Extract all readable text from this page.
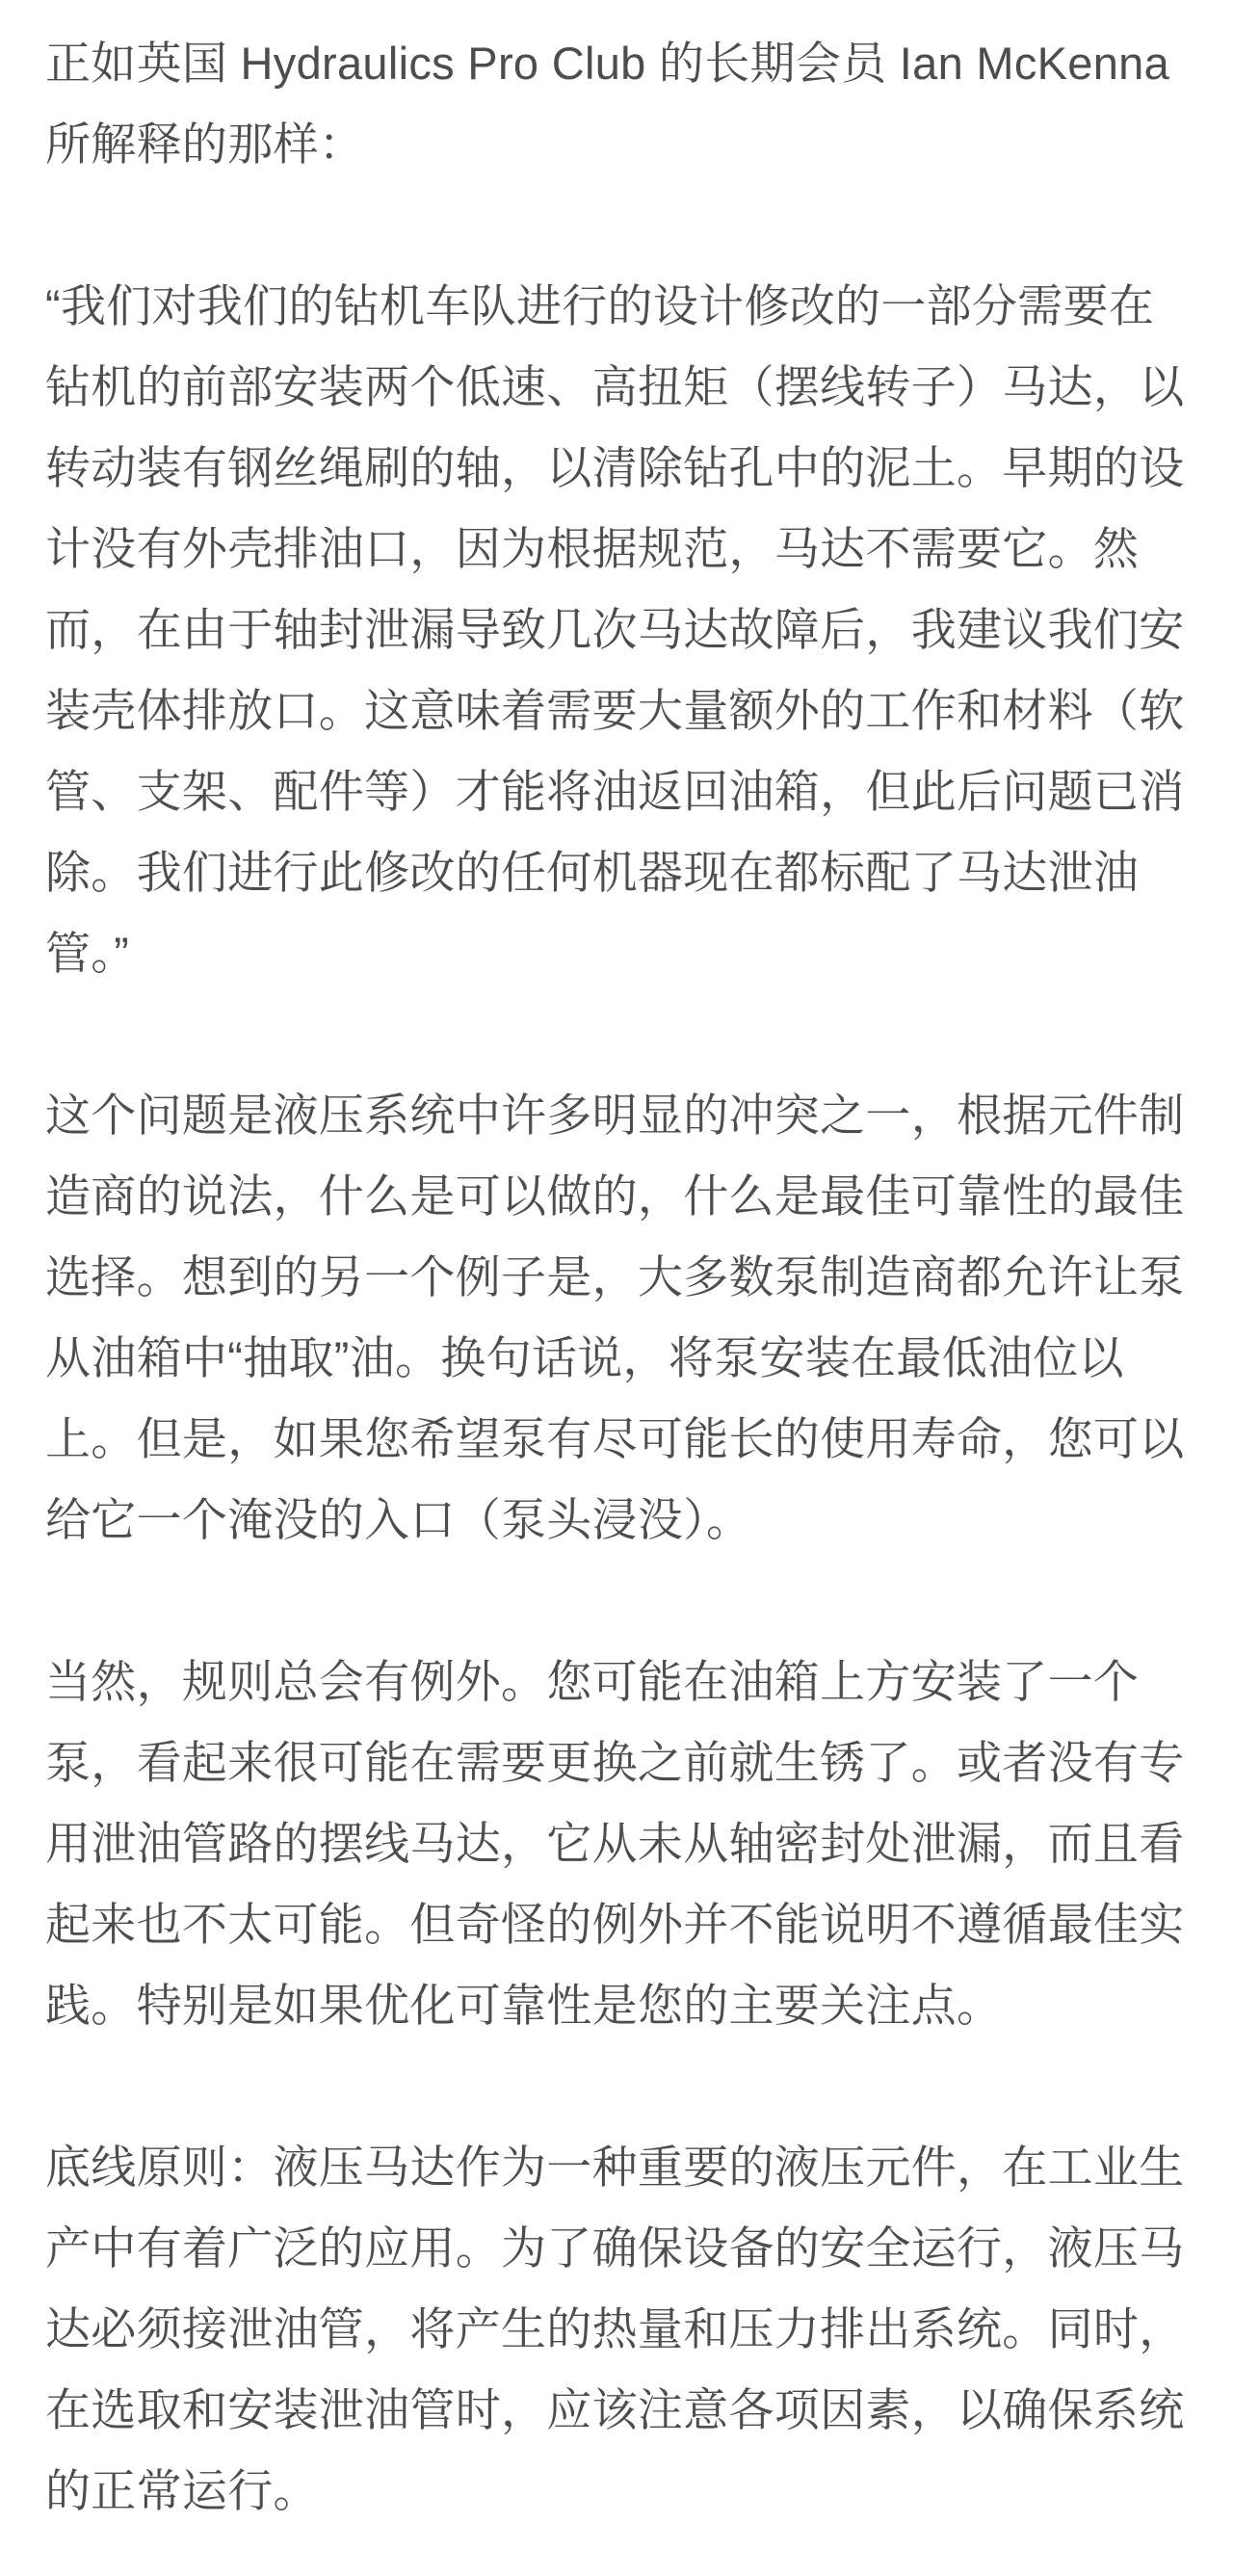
正如英国 Hydraulics Pro Club 的长期会员 Ian McKenna 所解释的那样：

“我们对我们的钻机车队进行的设计修改的一部分需要在钻机的前部安装两个低速、高扭矩（摆线转子）马达，以转动装有钢丝绳刷的轴，以清除钻孔中的泥土。早期的设计没有外壳排油口，因为根据规范，马达不需要它。然而，在由于轴封泄漏导致几次马达故障后，我建议我们安装壳体排放口。这意味着需要大量额外的工作和材料（软管、支架、配件等）才能将油返回油箱，但此后问题已消除。我们进行此修改的任何机器现在都标配了马达泄油管。”

这个问题是液压系统中许多明显的冲突之一，根据元件制造商的说法，什么是可以做的，什么是最佳可靠性的最佳选择。想到的另一个例子是，大多数泵制造商都允许让泵从油箱中“抽取”油。换句话说，将泵安装在最低油位以上。但是，如果您希望泵有尽可能长的使用寿命，您可以给它一个淹没的入口（泵头浸没）。

当然，规则总会有例外。您可能在油箱上方安装了一个泵，看起来很可能在需要更换之前就生锈了。或者没有专用泄油管路的摆线马达，它从未从轴密封处泄漏，而且看起来也不太可能。但奇怪的例外并不能说明不遵循最佳实践。特别是如果优化可靠性是您的主要关注点。

底线原则：液压马达作为一种重要的液压元件，在工业生产中有着广泛的应用。为了确保设备的安全运行，液压马达必须接泄油管，将产生的热量和压力排出系统。同时，在选取和安装泄油管时，应该注意各项因素，以确保系统的正常运行。
